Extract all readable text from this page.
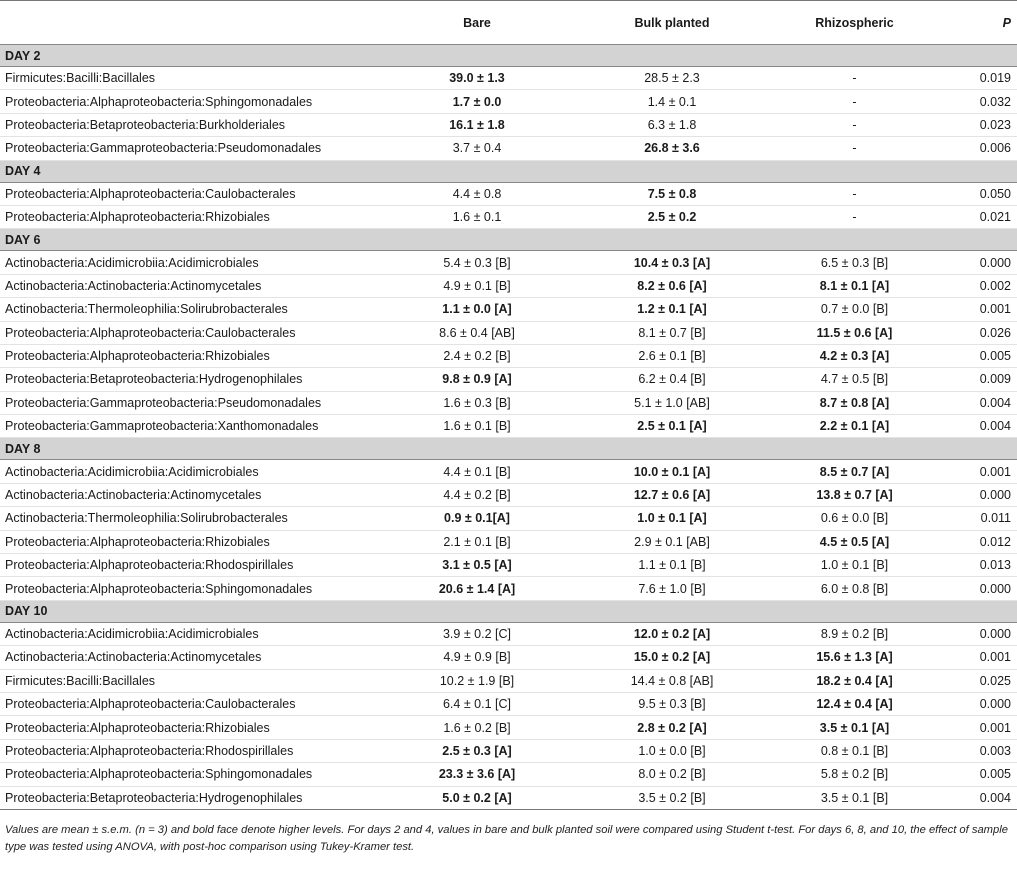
	Bare	Bulk planted	Rhizospheric	P
DAY 2				
Firmicutes:Bacilli:Bacillales	39.0 ± 1.3	28.5 ± 2.3	-	0.019
Proteobacteria:Alphaproteobacteria:Sphingomonadales	1.7 ± 0.0	1.4 ± 0.1	-	0.032
Proteobacteria:Betaproteobacteria:Burkholderiales	16.1 ± 1.8	6.3 ± 1.8	-	0.023
Proteobacteria:Gammaproteobacteria:Pseudomonadales	3.7 ± 0.4	26.8 ± 3.6	-	0.006
DAY 4				
Proteobacteria:Alphaproteobacteria:Caulobacterales	4.4 ± 0.8	7.5 ± 0.8	-	0.050
Proteobacteria:Alphaproteobacteria:Rhizobiales	1.6 ± 0.1	2.5 ± 0.2	-	0.021
DAY 6				
Actinobacteria:Acidimicrobiia:Acidimicrobiales	5.4 ± 0.3 [B]	10.4 ± 0.3 [A]	6.5 ± 0.3 [B]	0.000
Actinobacteria:Actinobacteria:Actinomycetales	4.9 ± 0.1 [B]	8.2 ± 0.6 [A]	8.1 ± 0.1 [A]	0.002
Actinobacteria:Thermoleophilia:Solirubrobacterales	1.1 ± 0.0 [A]	1.2 ± 0.1 [A]	0.7 ± 0.0 [B]	0.001
Proteobacteria:Alphaproteobacteria:Caulobacterales	8.6 ± 0.4 [AB]	8.1 ± 0.7 [B]	11.5 ± 0.6 [A]	0.026
Proteobacteria:Alphaproteobacteria:Rhizobiales	2.4 ± 0.2 [B]	2.6 ± 0.1 [B]	4.2 ± 0.3 [A]	0.005
Proteobacteria:Betaproteobacteria:Hydrogenophilales	9.8 ± 0.9 [A]	6.2 ± 0.4 [B]	4.7 ± 0.5 [B]	0.009
Proteobacteria:Gammaproteobacteria:Pseudomonadales	1.6 ± 0.3 [B]	5.1 ± 1.0 [AB]	8.7 ± 0.8 [A]	0.004
Proteobacteria:Gammaproteobacteria:Xanthomonadales	1.6 ± 0.1 [B]	2.5 ± 0.1 [A]	2.2 ± 0.1 [A]	0.004
DAY 8				
Actinobacteria:Acidimicrobiia:Acidimicrobiales	4.4 ± 0.1 [B]	10.0 ± 0.1 [A]	8.5 ± 0.7 [A]	0.001
Actinobacteria:Actinobacteria:Actinomycetales	4.4 ± 0.2 [B]	12.7 ± 0.6 [A]	13.8 ± 0.7 [A]	0.000
Actinobacteria:Thermoleophilia:Solirubrobacterales	0.9 ± 0.1[A]	1.0 ± 0.1 [A]	0.6 ± 0.0 [B]	0.011
Proteobacteria:Alphaproteobacteria:Rhizobiales	2.1 ± 0.1 [B]	2.9 ± 0.1 [AB]	4.5 ± 0.5 [A]	0.012
Proteobacteria:Alphaproteobacteria:Rhodospirillales	3.1 ± 0.5 [A]	1.1 ± 0.1 [B]	1.0 ± 0.1 [B]	0.013
Proteobacteria:Alphaproteobacteria:Sphingomonadales	20.6 ± 1.4 [A]	7.6 ± 1.0 [B]	6.0 ± 0.8 [B]	0.000
DAY 10				
Actinobacteria:Acidimicrobiia:Acidimicrobiales	3.9 ± 0.2 [C]	12.0 ± 0.2 [A]	8.9 ± 0.2 [B]	0.000
Actinobacteria:Actinobacteria:Actinomycetales	4.9 ± 0.9 [B]	15.0 ± 0.2 [A]	15.6 ± 1.3 [A]	0.001
Firmicutes:Bacilli:Bacillales	10.2 ± 1.9 [B]	14.4 ± 0.8 [AB]	18.2 ± 0.4 [A]	0.025
Proteobacteria:Alphaproteobacteria:Caulobacterales	6.4 ± 0.1 [C]	9.5 ± 0.3 [B]	12.4 ± 0.4 [A]	0.000
Proteobacteria:Alphaproteobacteria:Rhizobiales	1.6 ± 0.2 [B]	2.8 ± 0.2 [A]	3.5 ± 0.1 [A]	0.001
Proteobacteria:Alphaproteobacteria:Rhodospirillales	2.5 ± 0.3 [A]	1.0 ± 0.0 [B]	0.8 ± 0.1 [B]	0.003
Proteobacteria:Alphaproteobacteria:Sphingomonadales	23.3 ± 3.6 [A]	8.0 ± 0.2 [B]	5.8 ± 0.2 [B]	0.005
Proteobacteria:Betaproteobacteria:Hydrogenophilales	5.0 ± 0.2 [A]	3.5 ± 0.2 [B]	3.5 ± 0.1 [B]	0.004
Values are mean ± s.e.m. (n = 3) and bold face denote higher levels. For days 2 and 4, values in bare and bulk planted soil were compared using Student t-test. For days 6, 8, and 10, the effect of sample type was tested using ANOVA, with post-hoc comparison using Tukey-Kramer test.
